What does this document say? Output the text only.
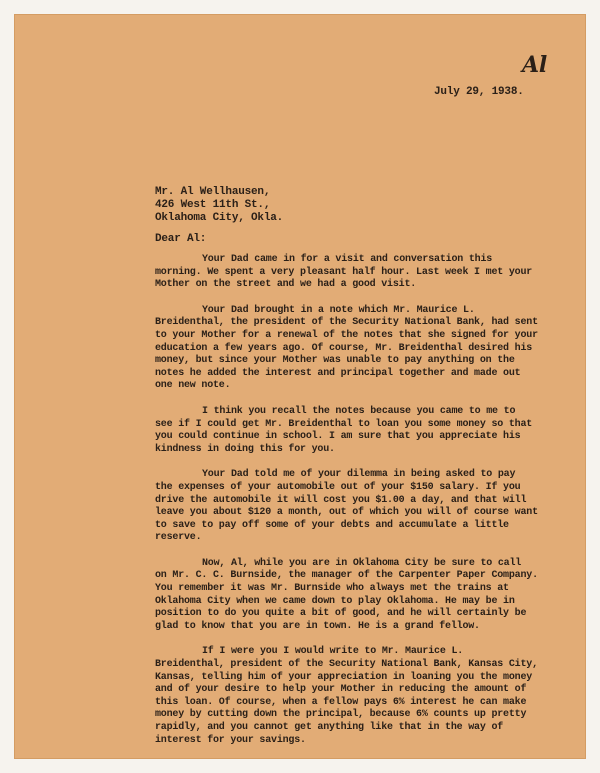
Al
July 29, 1938.
Mr. Al Wellhausen,
426 West 11th St.,
Oklahoma City, Okla.
Dear Al:

Your Dad came in for a visit and conversation this morning. We spent a very pleasant half hour. Last week I met your Mother on the street and we had a good visit.

Your Dad brought in a note which Mr. Maurice L. Breidenthal, the president of the Security National Bank, had sent to your Mother for a renewal of the notes that she signed for your education a few years ago. Of course, Mr. Breidenthal desired his money, but since your Mother was unable to pay anything on the notes he added the interest and principal together and made out one new note.

I think you recall the notes because you came to me to see if I could get Mr. Breidenthal to loan you some money so that you could continue in school. I am sure that you appreciate his kindness in doing this for you.

Your Dad told me of your dilemma in being asked to pay the expenses of your automobile out of your $150 salary. If you drive the automobile it will cost you $1.00 a day, and that will leave you about $120 a month, out of which you will of course want to save to pay off some of your debts and accumulate a little reserve.

Now, Al, while you are in Oklahoma City be sure to call on Mr. C. C. Burnside, the manager of the Carpenter Paper Company. You remember it was Mr. Burnside who always met the trains at Oklahoma City when we came down to play Oklahoma. He may be in position to do you quite a bit of good, and he will certainly be glad to know that you are in town. He is a grand fellow.

If I were you I would write to Mr. Maurice L. Breidenthal, president of the Security National Bank, Kansas City, Kansas, telling him of your appreciation in loaning you the money and of your desire to help your Mother in reducing the amount of this loan. Of course, when a fellow pays 6% interest he can make money by cutting down the principal, because 6% counts up pretty rapidly, and you cannot get anything like that in the way of interest for your savings.
